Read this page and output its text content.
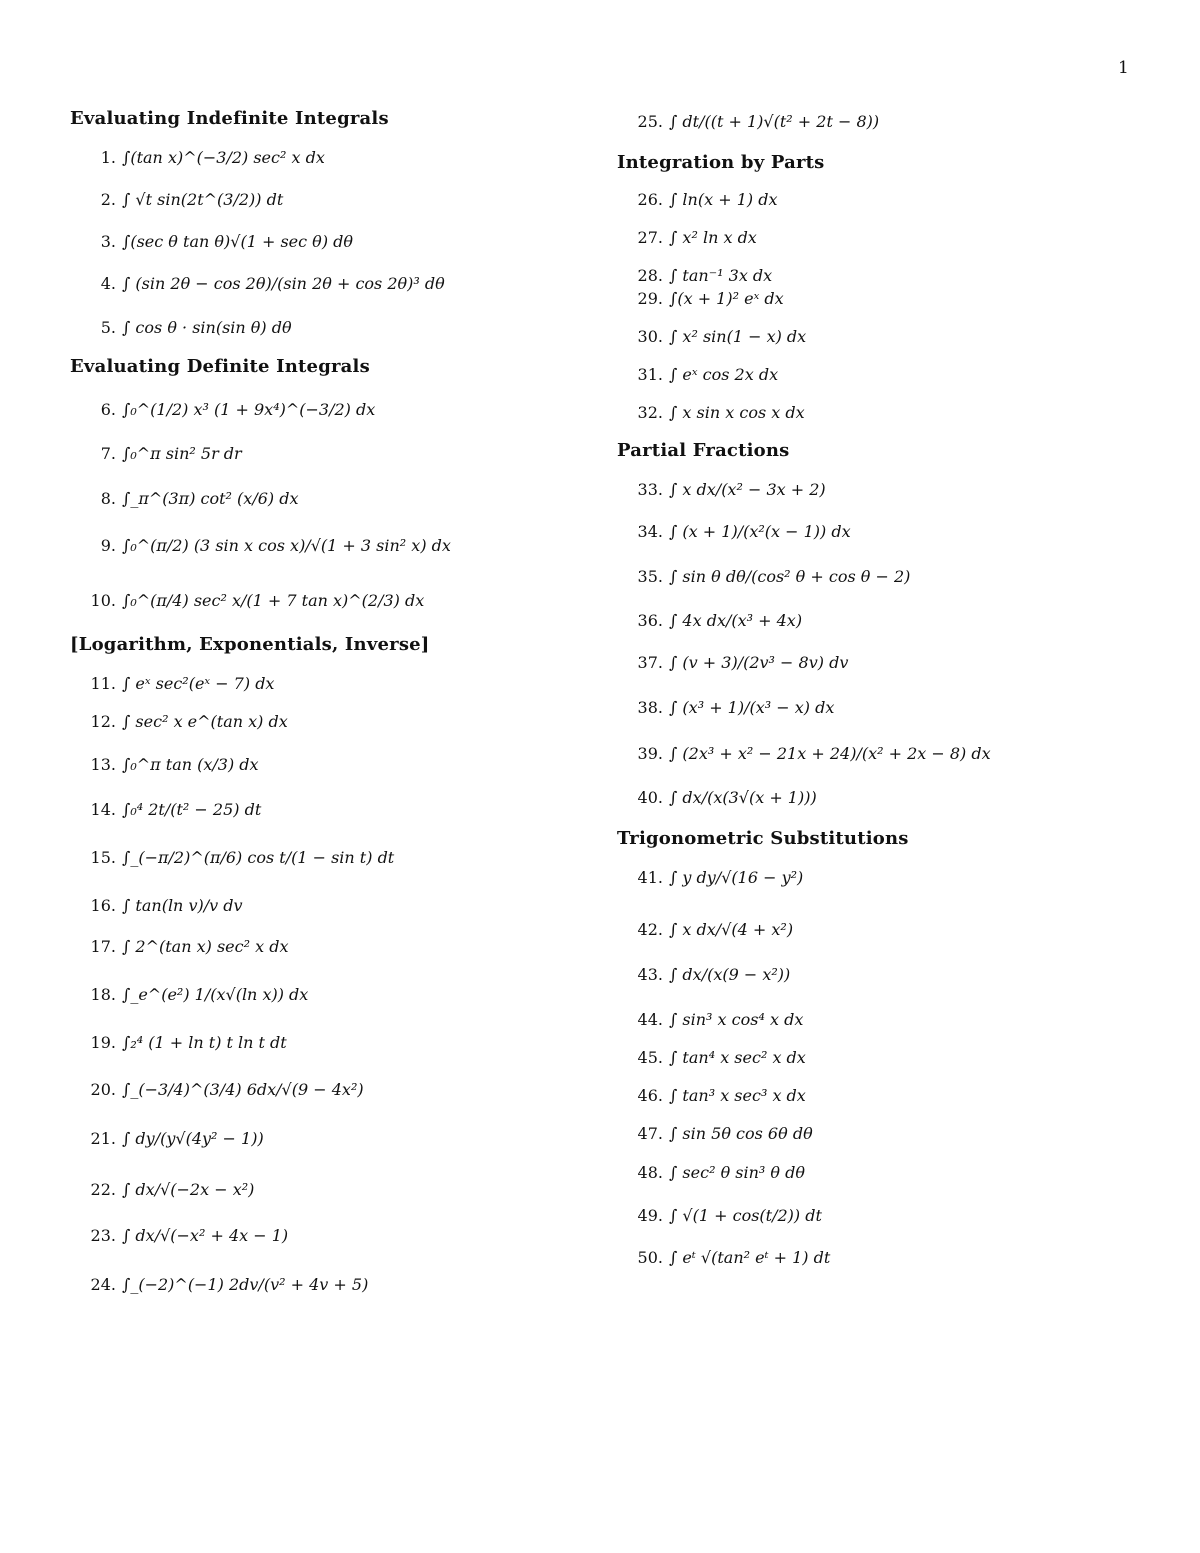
1
Evaluating Indefinite Integrals
1. ∫(tan x)^(−3/2) sec² x dx
2. ∫ √t sin(2t^(3/2)) dt
3. ∫(sec θ tan θ)√(1 + sec θ) dθ
4. ∫ (sin 2θ − cos 2θ)/(sin 2θ + cos 2θ)³ dθ
5. ∫ cos θ · sin(sin θ) dθ
Evaluating Definite Integrals
6. ∫₀^(1/2) x³ (1 + 9x⁴)^(−3/2) dx
7. ∫₀^π sin² 5r dr
8. ∫_π^(3π) cot² (x/6) dx
9. ∫₀^(π/2) (3 sin x cos x)/√(1 + 3 sin² x) dx
10. ∫₀^(π/4) sec² x/(1 + 7 tan x)^(2/3) dx
[Logarithm, Exponentials, Inverse]
11. ∫ eˣ sec²(eˣ − 7) dx
12. ∫ sec² x e^(tan x) dx
13. ∫₀^π tan (x/3) dx
14. ∫₀⁴ 2t/(t² − 25) dt
15. ∫_(−π/2)^(π/6) cos t/(1 − sin t) dt
16. ∫ tan(ln v)/v dv
17. ∫ 2^(tan x) sec² x dx
18. ∫_e^(e²) 1/(x√(ln x)) dx
19. ∫₂⁴ (1 + ln t) t ln t dt
20. ∫_(−3/4)^(3/4) 6dx/√(9 − 4x²)
21. ∫ dy/(y√(4y² − 1))
22. ∫ dx/√(−2x − x²)
23. ∫ dx/√(−x² + 4x − 1)
24. ∫_(−2)^(−1) 2dv/(v² + 4v + 5)
25. ∫ dt/((t + 1)√(t² + 2t − 8))
Integration by Parts
26. ∫ ln(x + 1) dx
27. ∫ x² ln x dx
28. ∫ tan⁻¹ 3x dx
29. ∫(x + 1)² eˣ dx
30. ∫ x² sin(1 − x) dx
31. ∫ eˣ cos 2x dx
32. ∫ x sin x cos x dx
Partial Fractions
33. ∫ x dx/(x² − 3x + 2)
34. ∫ (x + 1)/(x²(x − 1)) dx
35. ∫ sin θ dθ/(cos² θ + cos θ − 2)
36. ∫ 4x dx/(x³ + 4x)
37. ∫ (v + 3)/(2v³ − 8v) dv
38. ∫ (x³ + 1)/(x³ − x) dx
39. ∫ (2x³ + x² − 21x + 24)/(x² + 2x − 8) dx
40. ∫ dx/(x(3√(x + 1)))
Trigonometric Substitutions
41. ∫ y dy/√(16 − y²)
42. ∫ x dx/√(4 + x²)
43. ∫ dx/(x(9 − x²))
44. ∫ sin³ x cos⁴ x dx
45. ∫ tan⁴ x sec² x dx
46. ∫ tan³ x sec³ x dx
47. ∫ sin 5θ cos 6θ dθ
48. ∫ sec² θ sin³ θ dθ
49. ∫ √(1 + cos(t/2)) dt
50. ∫ eᵗ √(tan² eᵗ + 1) dt
